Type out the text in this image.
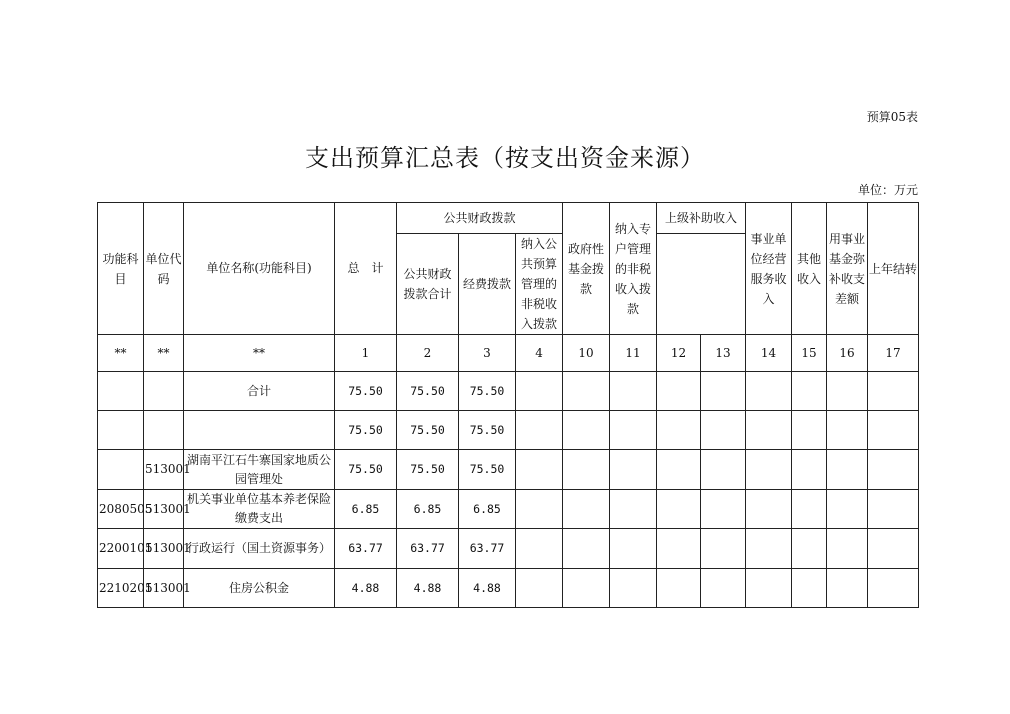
预算05表
支出预算汇总表（按支出资金来源）
单位：万元
功能科目	单位代码	单位名称(功能科目)	总　计	公共财政拨款			政府性基金拨款	纳入专户管理的非税收入拨款	上级补助收入		事业单位经营服务收入	其他收入	用事业基金弥补收支差额	上年结转
				公共财政拨款合计	经费拨款	纳入公共预算管理的非税收入拨款								

**	**	**	1	2	3	4	10	11	12	13	14	15	16	17
		合计	75.50	75.50	75.50									
			75.50	75.50	75.50									
	513001	湖南平江石牛寨国家地质公园管理处	75.50	75.50	75.50									
2080505	513001	机关事业单位基本养老保险缴费支出	6.85	6.85	6.85									
2200101	513001	行政运行（国土资源事务）	63.77	63.77	63.77									
2210201	513001	住房公积金	4.88	4.88	4.88									
